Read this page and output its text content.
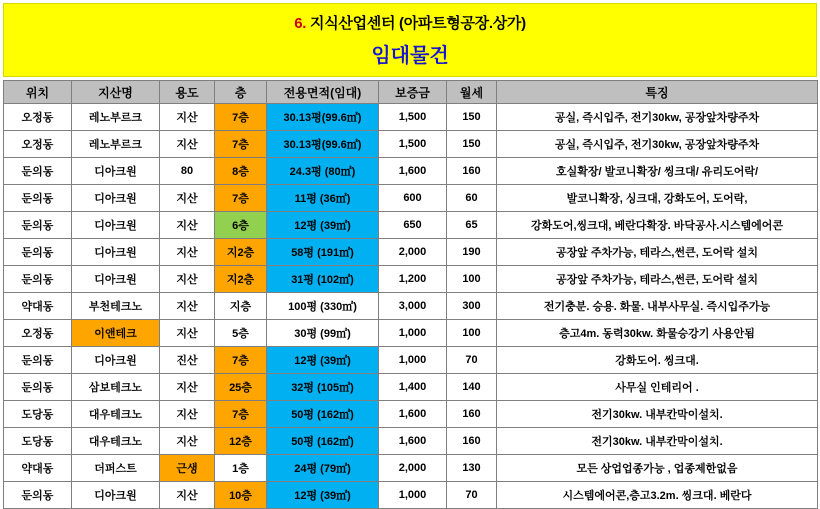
6. 지식산업센터 (아파트형공장.상가)
임대물건
위치	지산명	용도	층	전용면적(임대)	보증금	월세	특징
오정동	레노부르크	지산	7층	30.13평(99.6㎡)	1,500	150	공실, 즉시입주, 전기30kw, 공장앞차량주차
오정동	레노부르크	지산	7층	30.13평(99.6㎡)	1,500	150	공실, 즉시입주, 전기30kw, 공장앞차량주차
둔의동	디아크원	80	8층	24.3평 (80㎡)	1,600	160	호실확장/ 발코니확장/ 씽크대/ 유리도어락/
둔의동	디아크원	지산	7층	11평 (36㎡)	600	60	발코니확장, 싱크대, 강화도어, 도어락,
둔의동	디아크원	지산	6층	12평 (39㎡)	650	65	강화도어,씽크대, 베란다확장. 바닥공사.시스템에어콘
둔의동	디아크원	지산	지2층	58평 (191㎡)	2,000	190	공장앞 주차가능, 테라스,썬큰, 도어락 설치
둔의동	디아크원	지산	지2층	31평 (102㎡)	1,200	100	공장앞 주차가능, 테라스,썬큰, 도어락 설치
약대동	부천테크노	지산	지층	100평 (330㎡)	3,000	300	전기충분. 승용. 화물. 내부사무실. 즉시입주가능
오정동	이앤테크	지산	5층	30평 (99㎡)	1,000	100	층고4m. 동력30kw. 화물승강기 사용안됨
둔의동	디아크원	진산	7층	12평 (39㎡)	1,000	70	강화도어. 씽크대.
둔의동	삼보테크노	지산	25층	32평 (105㎡)	1,400	140	사무실 인테리어 .
도당동	대우테크노	지산	7층	50평 (162㎡)	1,600	160	전기30kw. 내부칸막이설치.
도당동	대우테크노	지산	12층	50평 (162㎡)	1,600	160	전기30kw. 내부칸막이설치.
약대동	더퍼스트	근생	1층	24평 (79㎡)	2,000	130	모든 상업업종가능 , 업종제한없음
둔의동	디아크원	지산	10층	12평 (39㎡)	1,000	70	시스템에어콘,층고3.2m. 씽크대. 베란다
